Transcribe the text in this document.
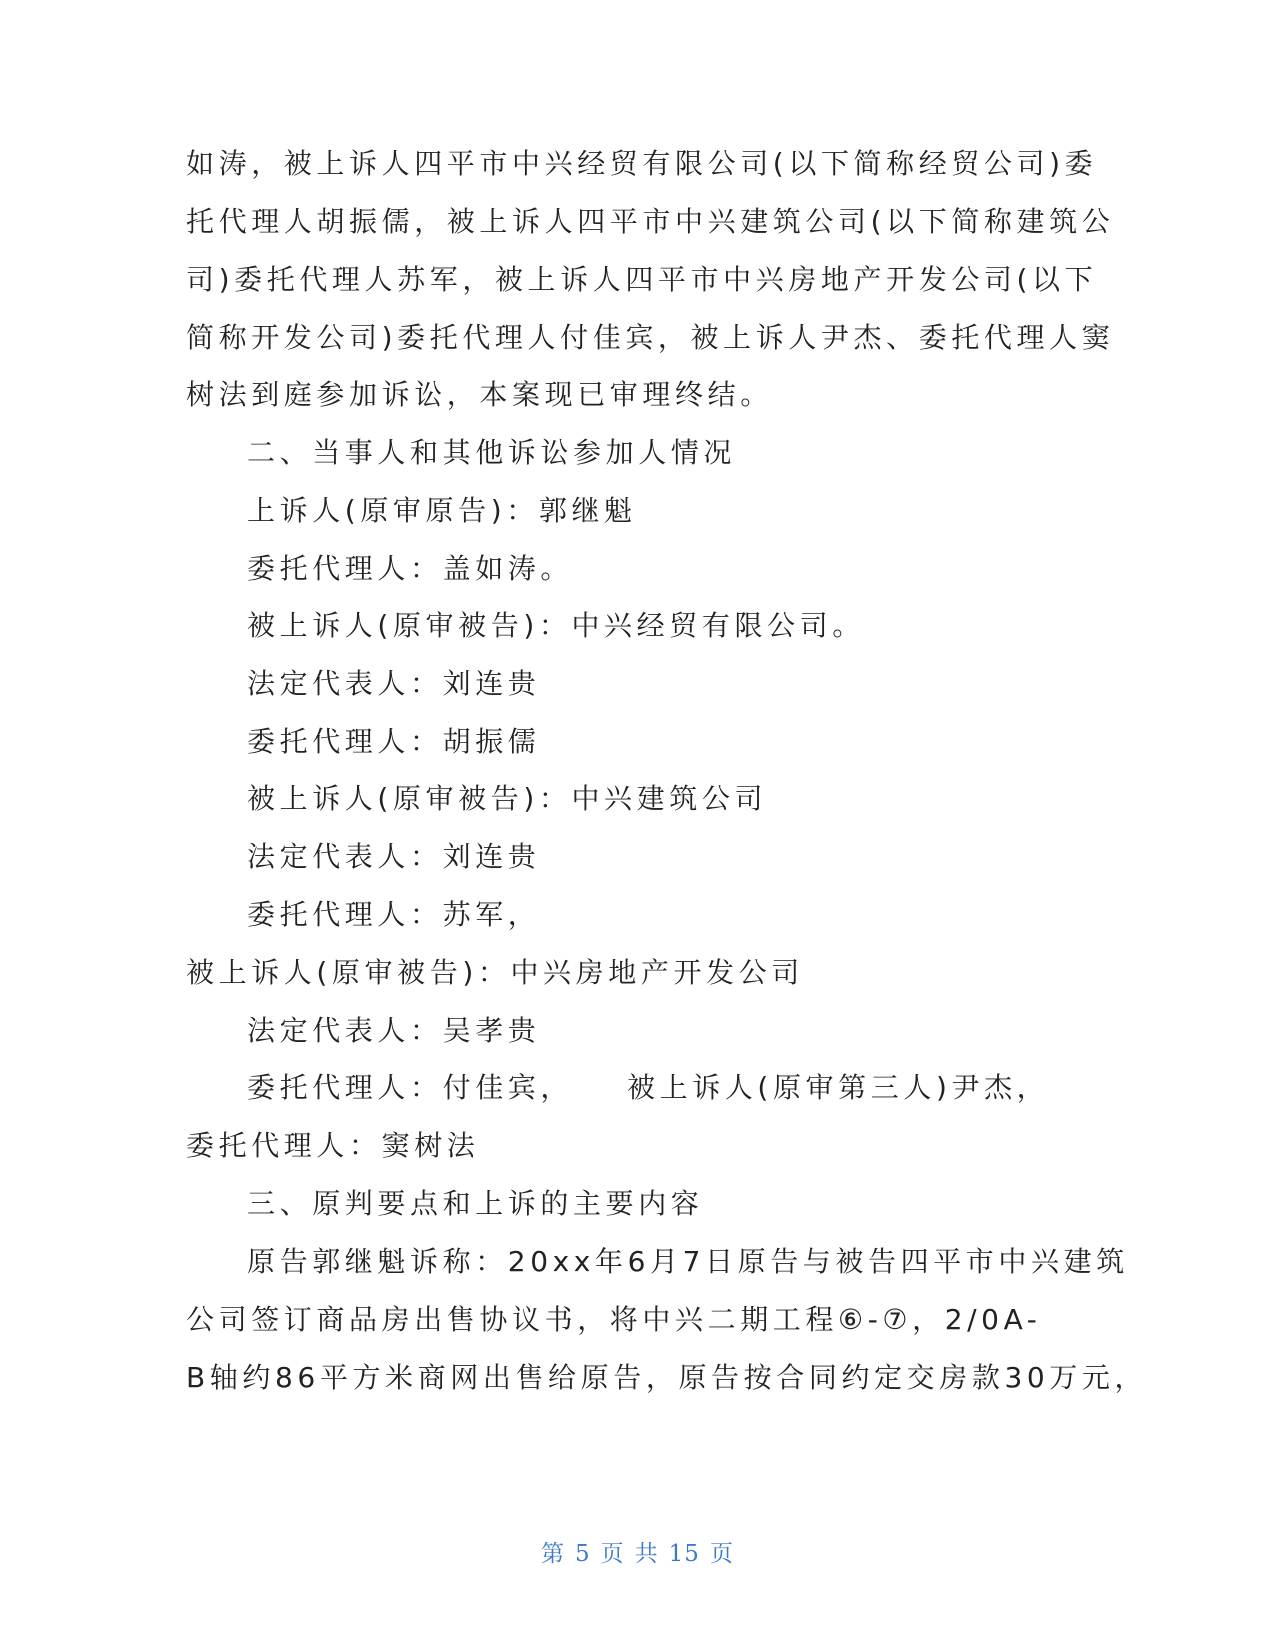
如涛，被上诉人四平市中兴经贸有限公司(以下简称经贸公司)委
托代理人胡振儒，被上诉人四平市中兴建筑公司(以下简称建筑公
司)委托代理人苏军，被上诉人四平市中兴房地产开发公司(以下
简称开发公司)委托代理人付佳宾，被上诉人尹杰、委托代理人窦
树法到庭参加诉讼，本案现已审理终结。
二、当事人和其他诉讼参加人情况
上诉人(原审原告)：郭继魁
委托代理人：盖如涛。
被上诉人(原审被告)：中兴经贸有限公司。
法定代表人：刘连贵
委托代理人：胡振儒
被上诉人(原审被告)：中兴建筑公司
法定代表人：刘连贵
委托代理人：苏军，
被上诉人(原审被告)：中兴房地产开发公司
法定代表人：吴孝贵
委托代理人：付佳宾， 被上诉人(原审第三人)尹杰，
委托代理人：窦树法
三、原判要点和上诉的主要内容
原告郭继魁诉称：20xx年6月7日原告与被告四平市中兴建筑
公司签订商品房出售协议书，将中兴二期工程⑥-⑦，2/0A-
B轴约86平方米商网出售给原告，原告按合同约定交房款30万元，
第 5 页 共 15 页
